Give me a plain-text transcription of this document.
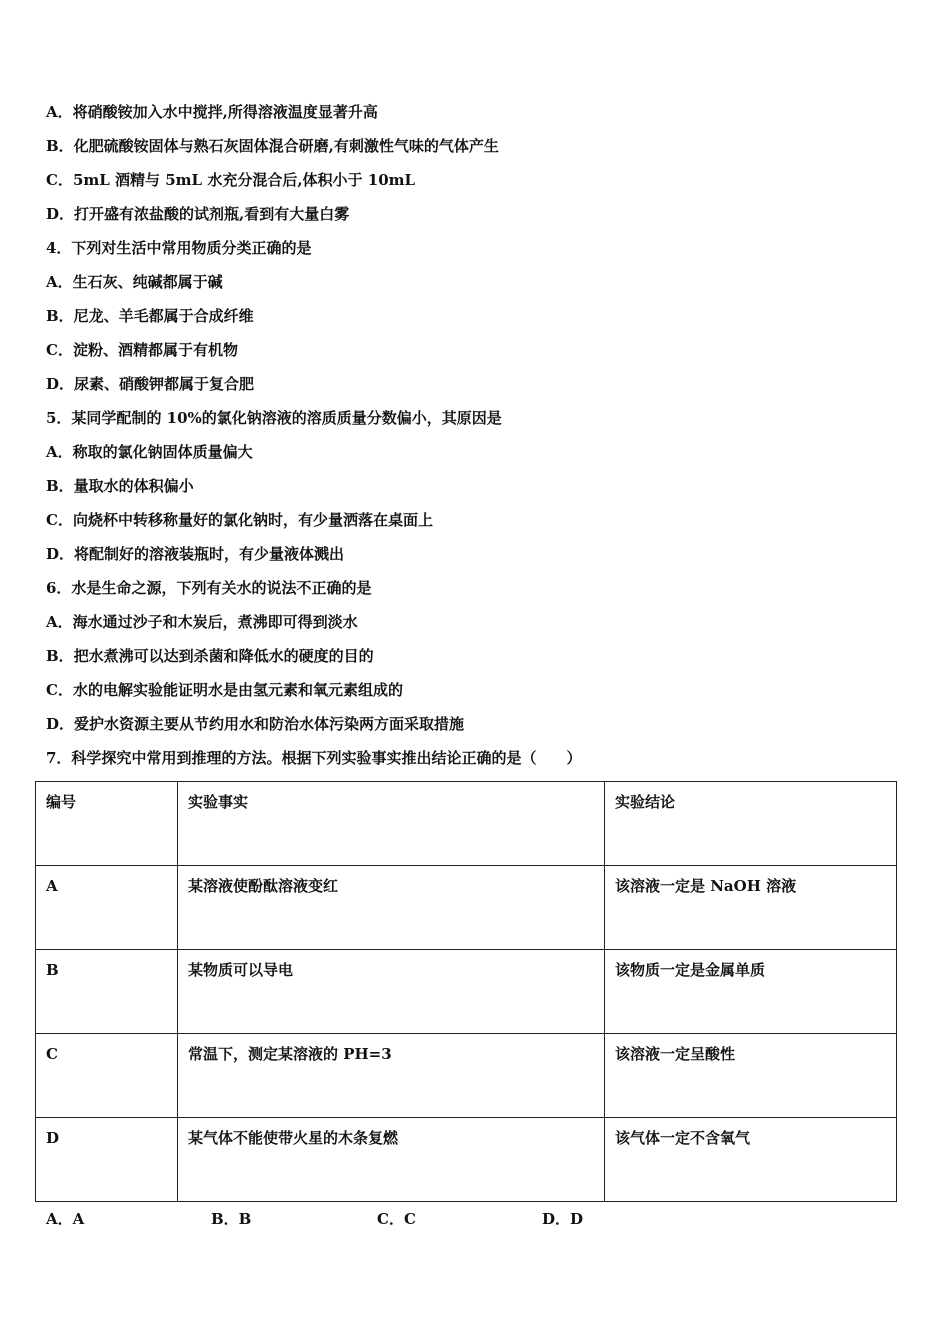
A．将硝酸铵加入水中搅拌,所得溶液温度显著升高
B．化肥硫酸铵固体与熟石灰固体混合研磨,有刺激性气味的气体产生
C．5mL 酒精与 5mL 水充分混合后,体积小于 10mL
D．打开盛有浓盐酸的试剂瓶,看到有大量白雾
4．下列对生活中常用物质分类正确的是
A．生石灰、纯碱都属于碱
B．尼龙、羊毛都属于合成纤维
C．淀粉、酒精都属于有机物
D．尿素、硝酸钾都属于复合肥
5．某同学配制的 10%的氯化钠溶液的溶质质量分数偏小，其原因是
A．称取的氯化钠固体质量偏大
B．量取水的体积偏小
C．向烧杯中转移称量好的氯化钠时，有少量洒落在桌面上
D．将配制好的溶液装瓶时，有少量液体溅出
6．水是生命之源，下列有关水的说法不正确的是
A．海水通过沙子和木炭后，煮沸即可得到淡水
B．把水煮沸可以达到杀菌和降低水的硬度的目的
C．水的电解实验能证明水是由氢元素和氧元素组成的
D．爱护水资源主要从节约用水和防治水体污染两方面采取措施
7．科学探究中常用到推理的方法。根据下列实验事实推出结论正确的是（　　）
编号	实验事实	实验结论
A	某溶液使酚酞溶液变红	该溶液一定是 NaOH 溶液
B	某物质可以导电	该物质一定是金属单质
C	常温下，测定某溶液的 PH=3	该溶液一定呈酸性
D	某气体不能使带火星的木条复燃	该气体一定不含氧气
A．A	B．B	C．C	D．D
